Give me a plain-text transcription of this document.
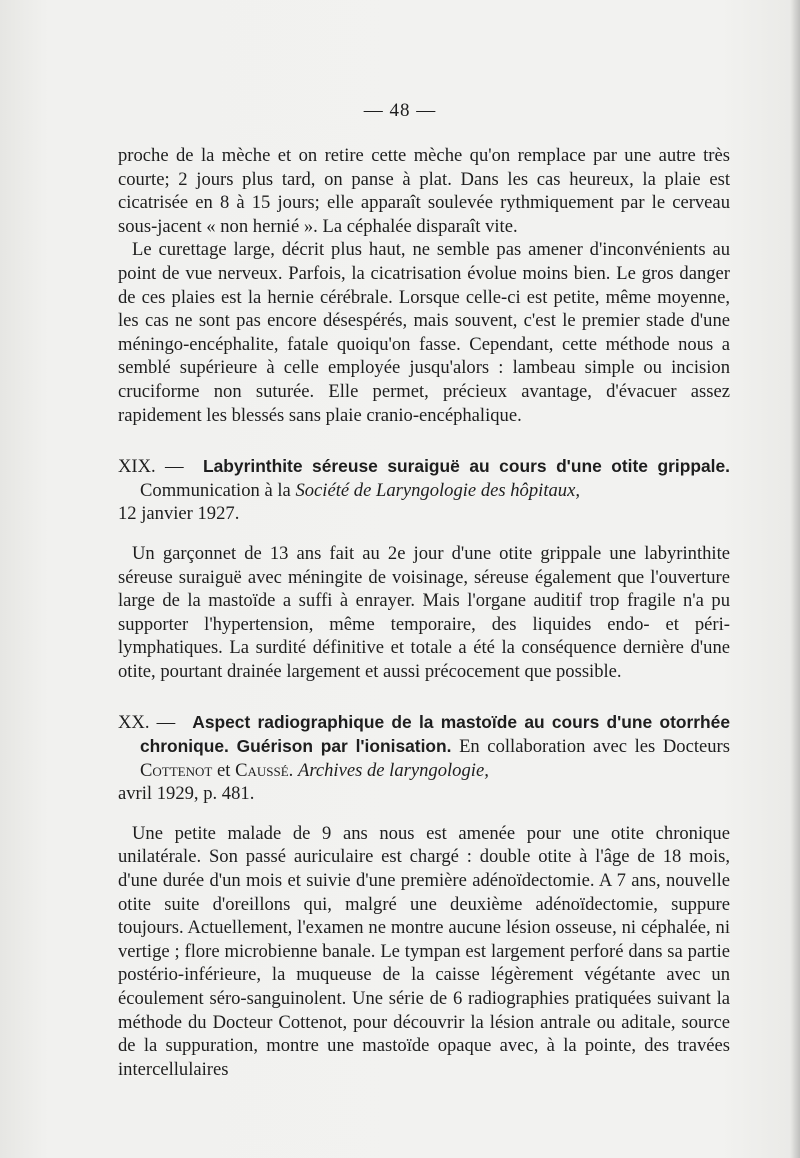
— 48 —

proche de la mèche et on retire cette mèche qu'on remplace par une autre très courte; 2 jours plus tard, on panse à plat. Dans les cas heureux, la plaie est cicatrisée en 8 à 15 jours; elle apparaît soulevée rythmiquement par le cerveau sous-jacent « non hernié ». La céphalée disparaît vite.

Le curettage large, décrit plus haut, ne semble pas amener d'inconvénients au point de vue nerveux. Parfois, la cicatrisation évolue moins bien. Le gros danger de ces plaies est la hernie cérébrale. Lorsque celle-ci est petite, même moyenne, les cas ne sont pas encore désespérés, mais souvent, c'est le premier stade d'une méningo-encéphalite, fatale quoiqu'on fasse. Cependant, cette méthode nous a semblé supérieure à celle employée jusqu'alors : lambeau simple ou incision cruciforme non suturée. Elle permet, précieux avantage, d'évacuer assez rapidement les blessés sans plaie cranio-encéphalique.

XIX. — Labyrinthite séreuse suraiguë au cours d'une otite grippale. Communication à la Société de Laryngologie des hôpitaux,
12 janvier 1927.

Un garçonnet de 13 ans fait au 2e jour d'une otite grippale une labyrinthite séreuse suraiguë avec méningite de voisinage, séreuse également que l'ouverture large de la mastoïde a suffi à enrayer. Mais l'organe auditif trop fragile n'a pu supporter l'hypertension, même temporaire, des liquides endo- et péri-lymphatiques. La surdité définitive et totale a été la conséquence dernière d'une otite, pourtant drainée largement et aussi précocement que possible.

XX. — Aspect radiographique de la mastoïde au cours d'une otorrhée chronique. Guérison par l'ionisation. En collaboration avec les Docteurs Cottenot et Caussé. Archives de laryngologie,
avril 1929, p. 481.

Une petite malade de 9 ans nous est amenée pour une otite chronique unilatérale. Son passé auriculaire est chargé : double otite à l'âge de 18 mois, d'une durée d'un mois et suivie d'une première adénoïdectomie. A 7 ans, nouvelle otite suite d'oreillons qui, malgré une deuxième adénoïdectomie, suppure toujours. Actuellement, l'examen ne montre aucune lésion osseuse, ni céphalée, ni vertige ; flore microbienne banale. Le tympan est largement perforé dans sa partie postério-inférieure, la muqueuse de la caisse légèrement végétante avec un écoulement séro-sanguinolent. Une série de 6 radiographies pratiquées suivant la méthode du Docteur Cottenot, pour découvrir la lésion antrale ou aditale, source de la suppuration, montre une mastoïde opaque avec, à la pointe, des travées intercellulaires
